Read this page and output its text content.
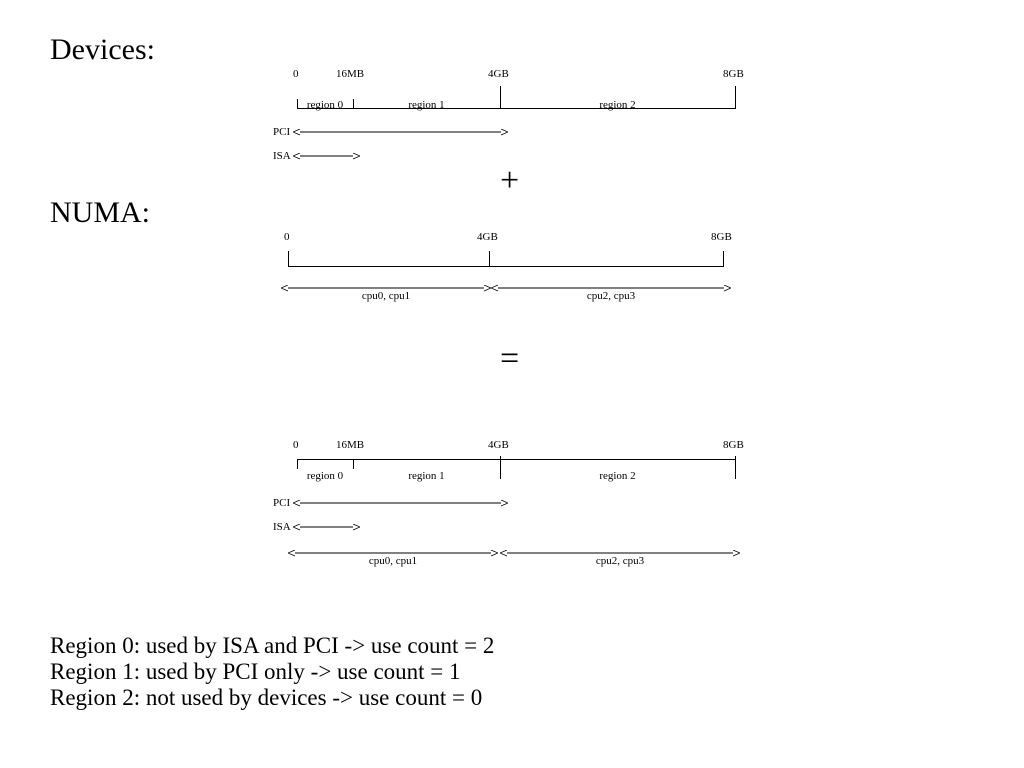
Devices:
NUMA:
0	16MB	4GB	8GB
region 0	region 1	region 2
PCI
ISA
+
0	4GB	8GB
cpu0, cpu1	cpu2, cpu3
=
0	16MB	4GB	8GB
region 0	region 1	region 2
PCI
ISA
cpu0, cpu1	cpu2, cpu3
Region 0: used by ISA and PCI -> use count = 2
Region 1: used by PCI only -> use count = 1
Region 2: not used by devices -> use count = 0
